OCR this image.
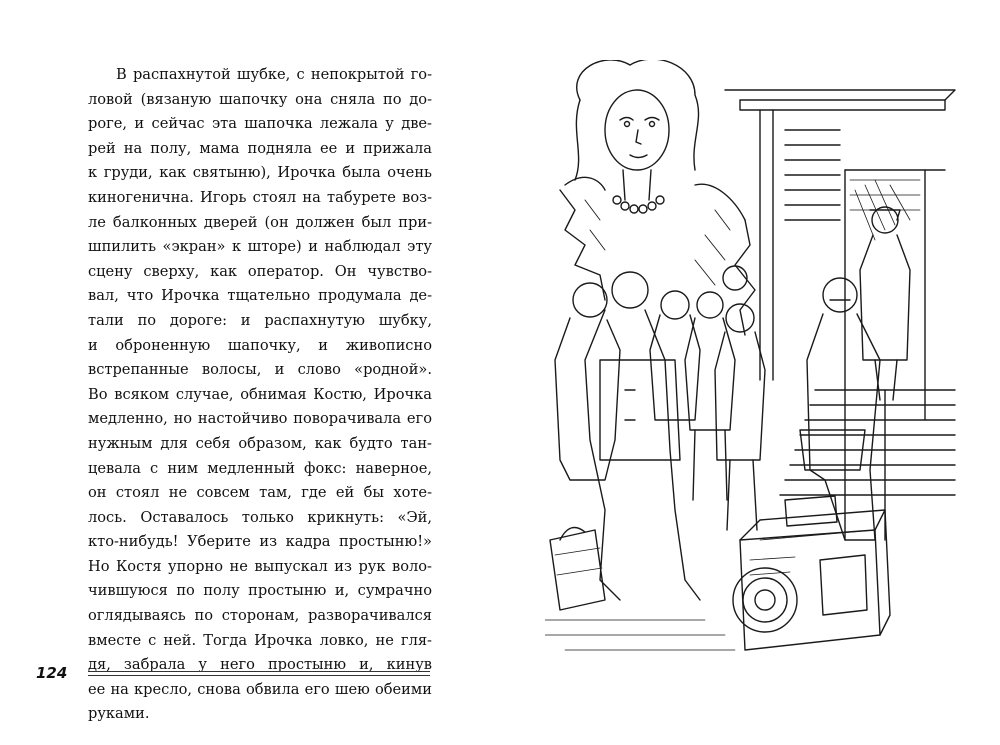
В распахнутой шубке, с непокрытой го-
ловой (вязаную шапочку она сняла по до-
роге, и сейчас эта шапочка лежала у две-
рей на полу, мама подняла ее и прижала
к груди, как святыню), Ирочка была очень
киногенична. Игорь стоял на табурете воз-
ле балконных дверей (он должен был при-
шпилить «экран» к шторе) и наблюдал эту
сцену сверху, как оператор. Он чувство-
вал, что Ирочка тщательно продумала де-
тали по дороге: и распахнутую шубку,
и оброненную шапочку, и живописно
встрепанные волосы, и слово «родной».
Во всяком случае, обнимая Костю, Ирочка
медленно, но настойчиво поворачивала его
нужным для себя образом, как будто тан-
цевала с ним медленный фокс: наверное,
он стоял не совсем там, где ей бы хоте-
лось. Оставалось только крикнуть: «Эй,
кто-нибудь! Уберите из кадра простыню!»
Но Костя упорно не выпускал из рук воло-
чившуюся по полу простыню и, сумрачно
оглядываясь по сторонам, разворачивался
вместе с ней. Тогда Ирочка ловко, не гля-
дя, забрала у него простыню и, кинув
ее на кресло, снова обвила его шею обеими
руками.
124
